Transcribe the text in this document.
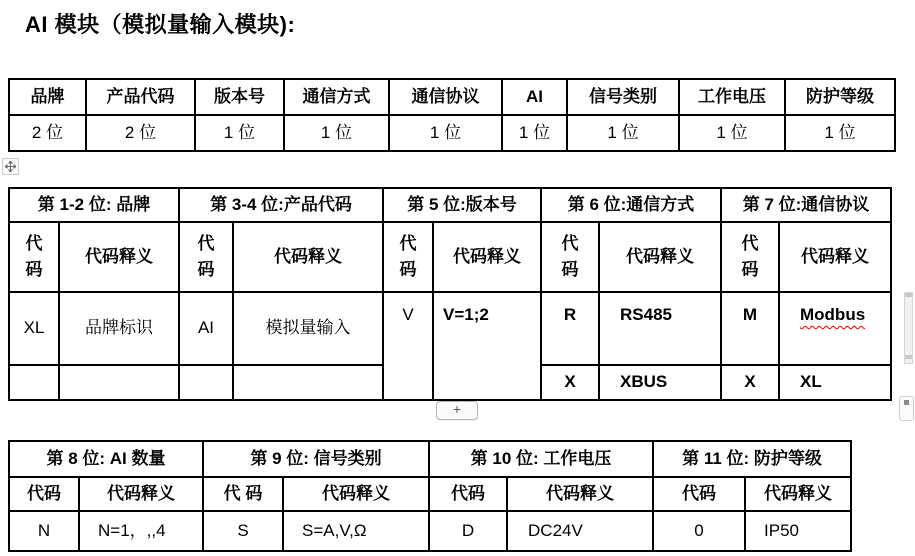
AI 模块（模拟量输入模块):
品牌	产品代码	版本号	通信方式	通信协议	AI	信号类别	工作电压	防护等级
2 位	2 位	1 位	1 位	1 位	1 位	1 位	1 位	1 位
第 1-2 位: 品牌		第 3-4 位:产品代码		第 5 位:版本号		第 6 位:通信方式		第 7 位:通信协议	
代码	代码释义	代码	代码释义	代码	代码释义	代码	代码释义	代码	代码释义
XL	品牌标识	AI	模拟量输入	V	V=1;2	R	RS485	M	Modbus
						X	XBUS	X	XL
+
第 8 位: AI 数量		第 9 位: 信号类别		第 10 位: 工作电压		第 11 位: 防护等级	
代码	代码释义	代 码	代码释义	代码	代码释义	代码	代码释义
N	N=1，,,4	S	S=A,V,Ω	D	DC24V	0	IP50
